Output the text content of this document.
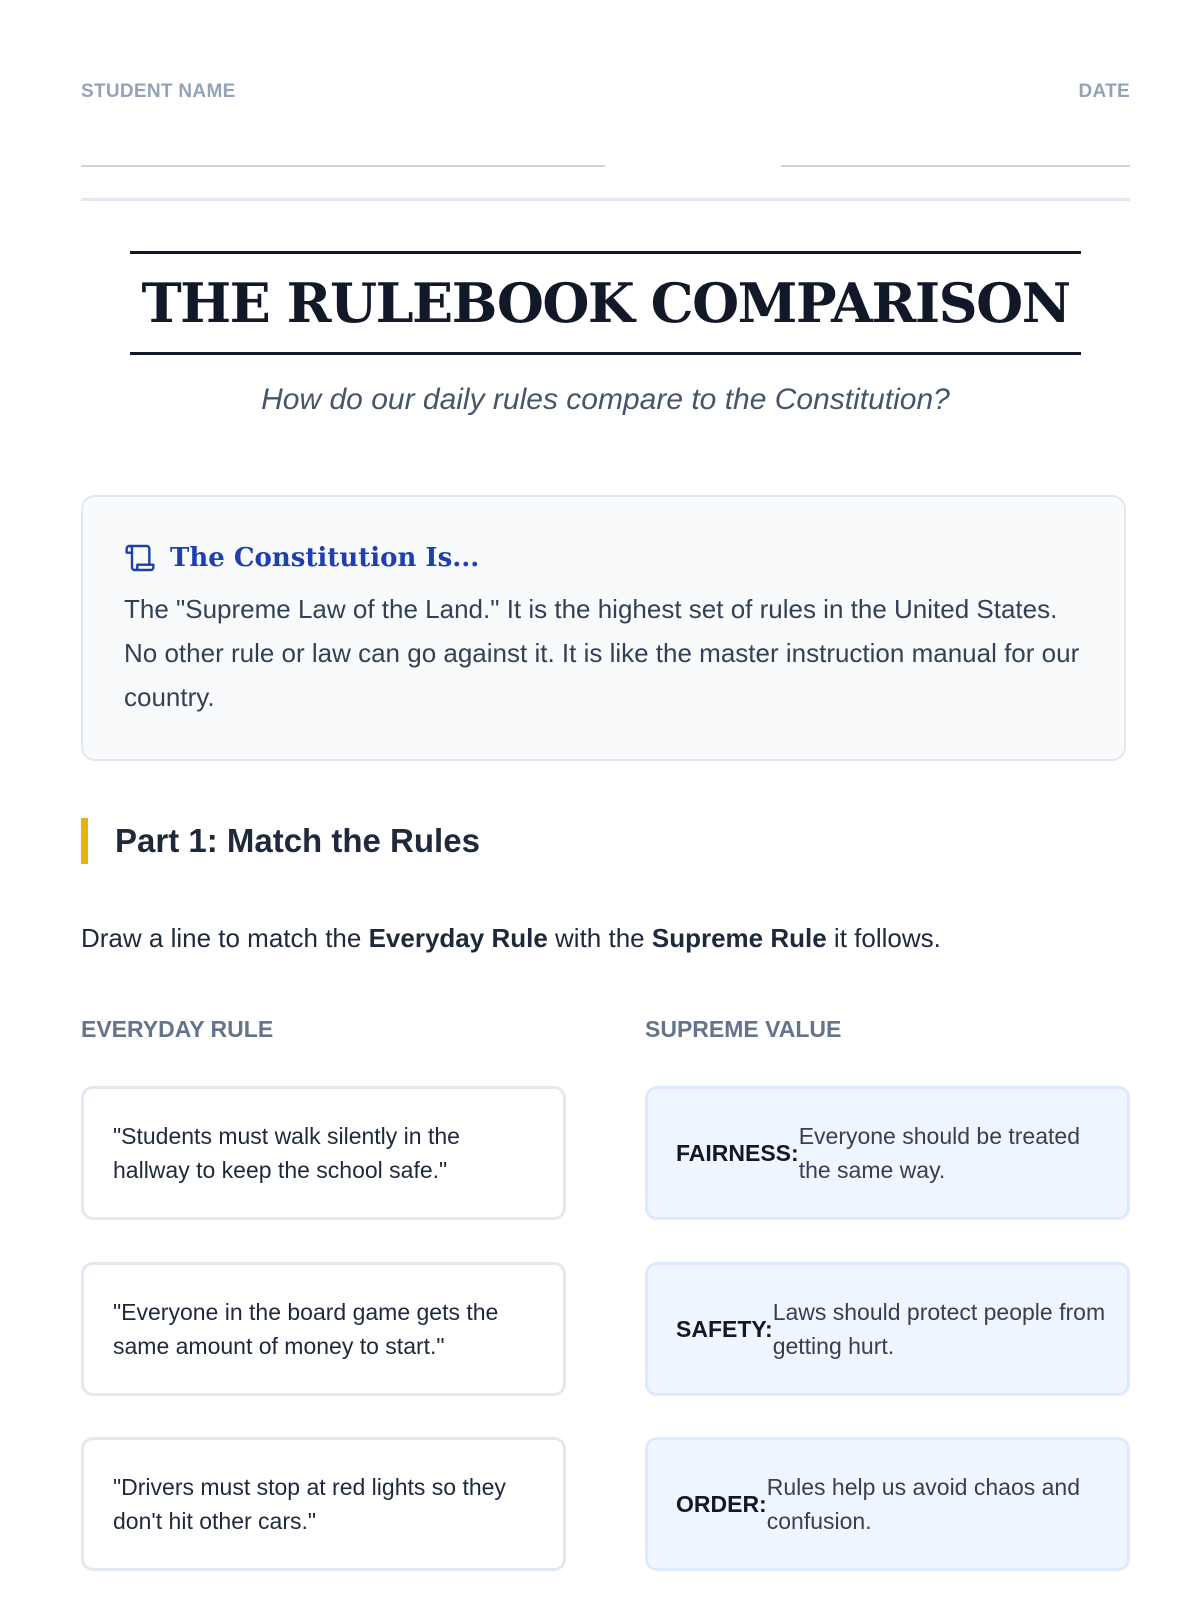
STUDENT NAME	DATE
THE RULEBOOK COMPARISON
How do our daily rules compare to the Constitution?
The Constitution Is...
The "Supreme Law of the Land." It is the highest set of rules in the United States. No other rule or law can go against it. It is like the master instruction manual for our country.
Part 1: Match the Rules
Draw a line to match the Everyday Rule with the Supreme Rule it follows.
EVERYDAY RULE	SUPREME VALUE
"Students must walk silently in the hallway to keep the school safe."
"Everyone in the board game gets the same amount of money to start."
"Drivers must stop at red lights so they don't hit other cars."
FAIRNESS:
Everyone should be treated the same way.
SAFETY:
Laws should protect people from getting hurt.
ORDER:
Rules help us avoid chaos and confusion.
